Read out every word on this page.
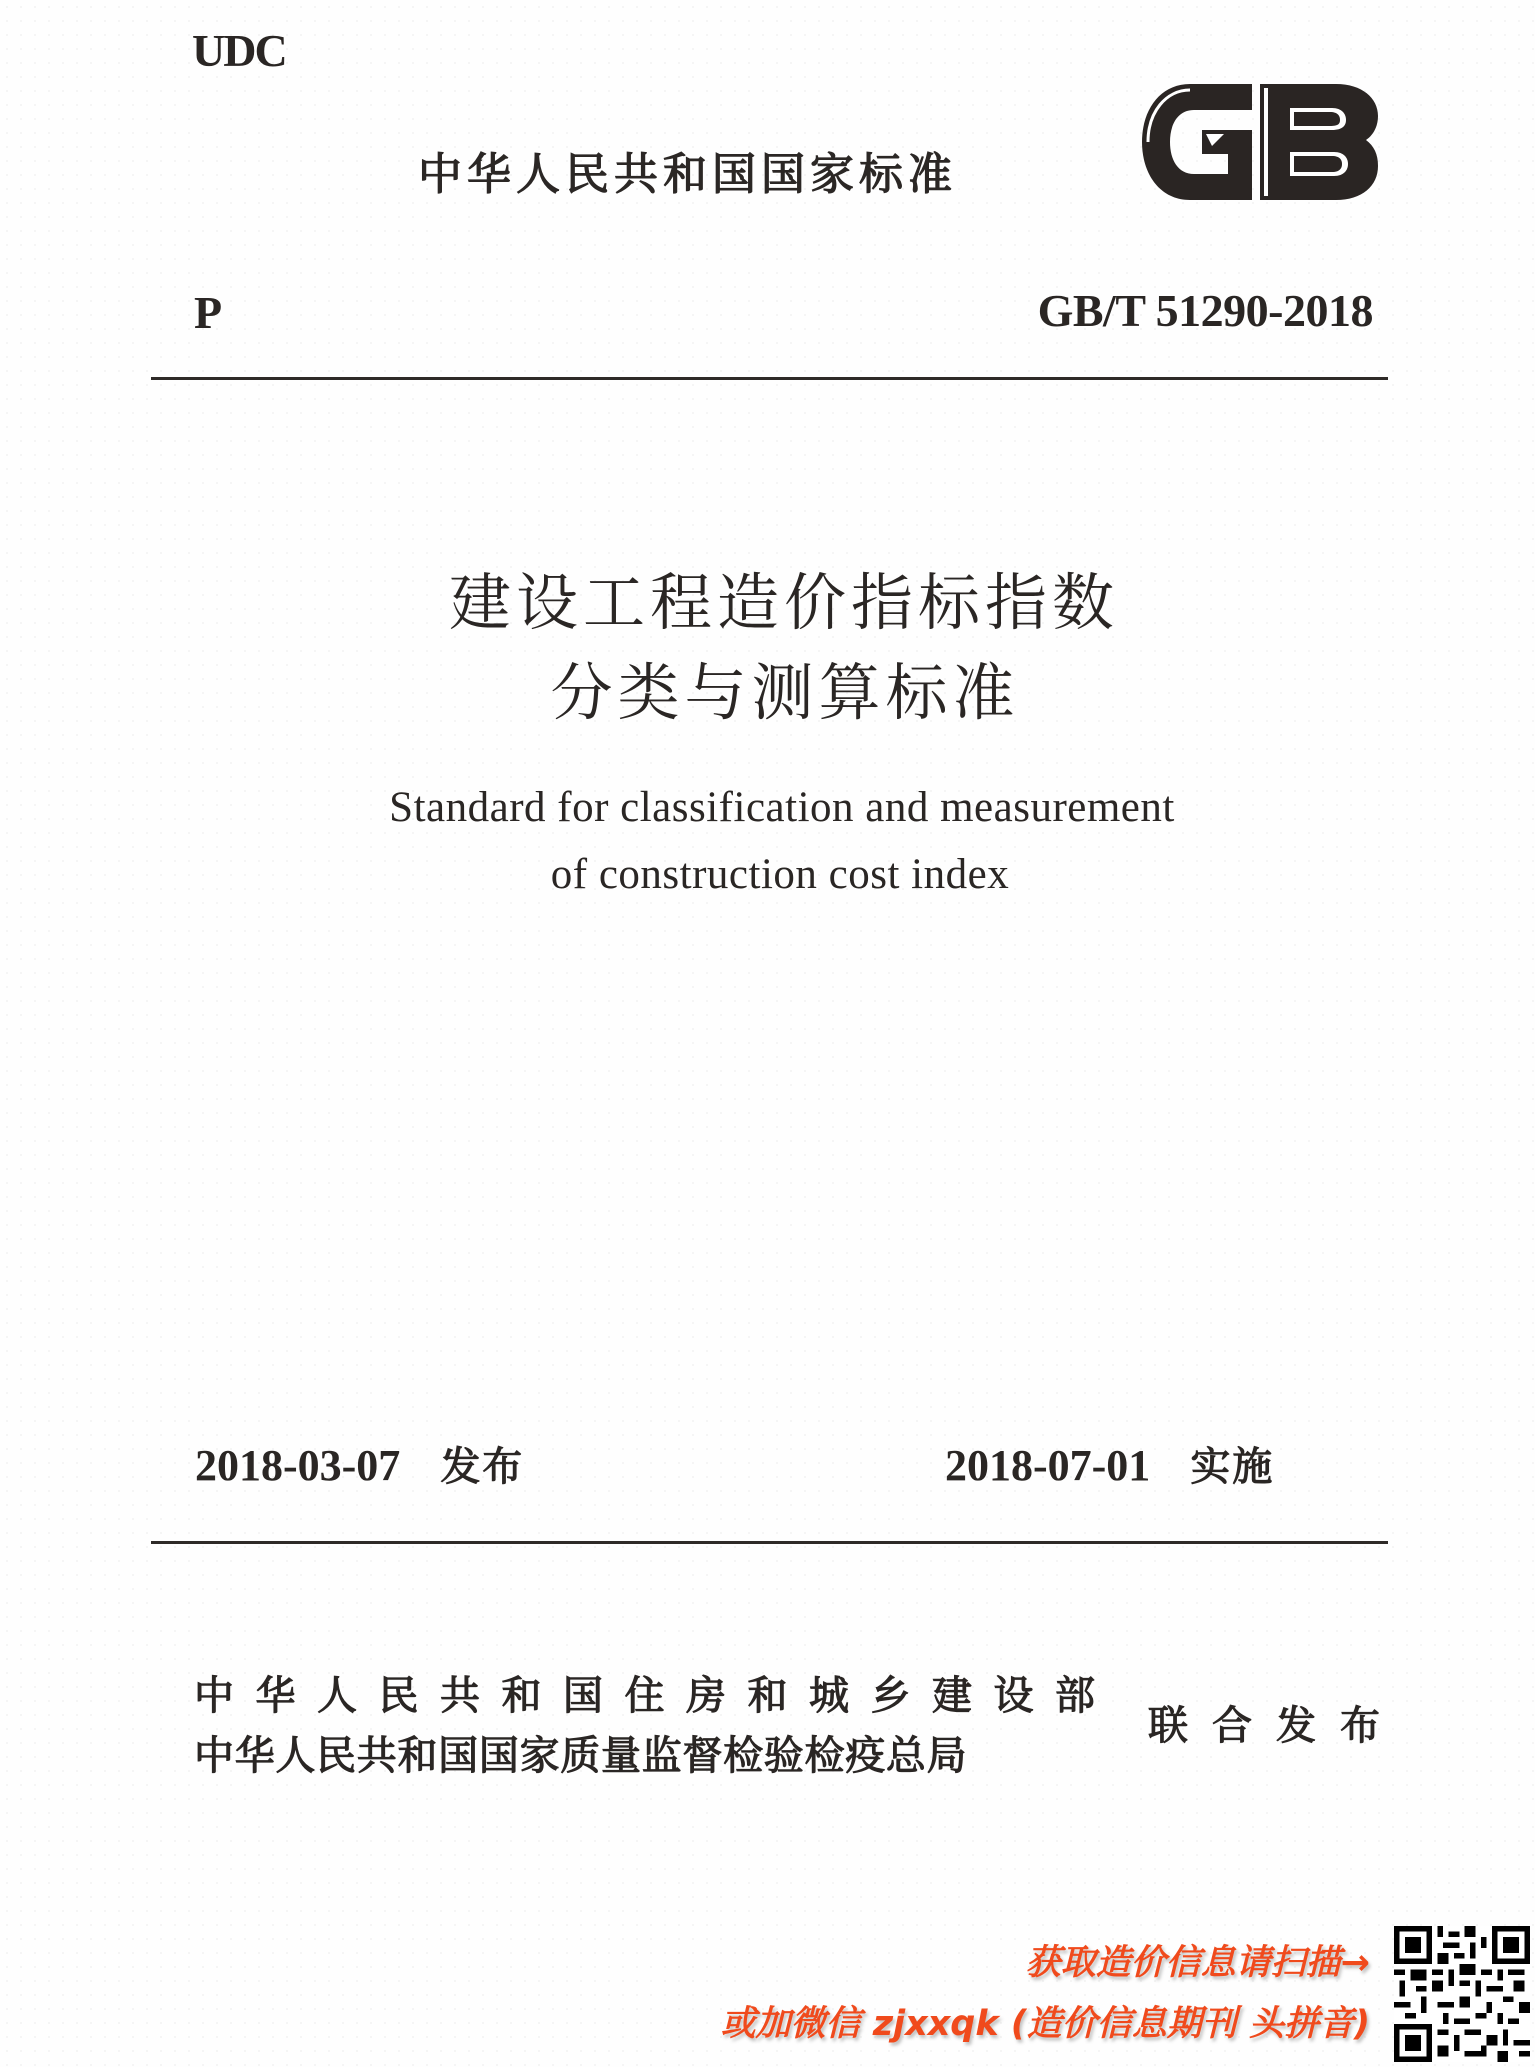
UDC
中华人民共和国国家标准
P	GB/T 51290-2018
建设工程造价指标指数
分类与测算标准
Standard for classification and measurement
of construction cost index
2018-03-07 发布	2018-07-01 实施
中华人民共和国住房和城乡建设部
中华人民共和国国家质量监督检验检疫总局
联合发布
获取造价信息请扫描→
或加微信 zjxxqk (造价信息期刊 头拼音)
